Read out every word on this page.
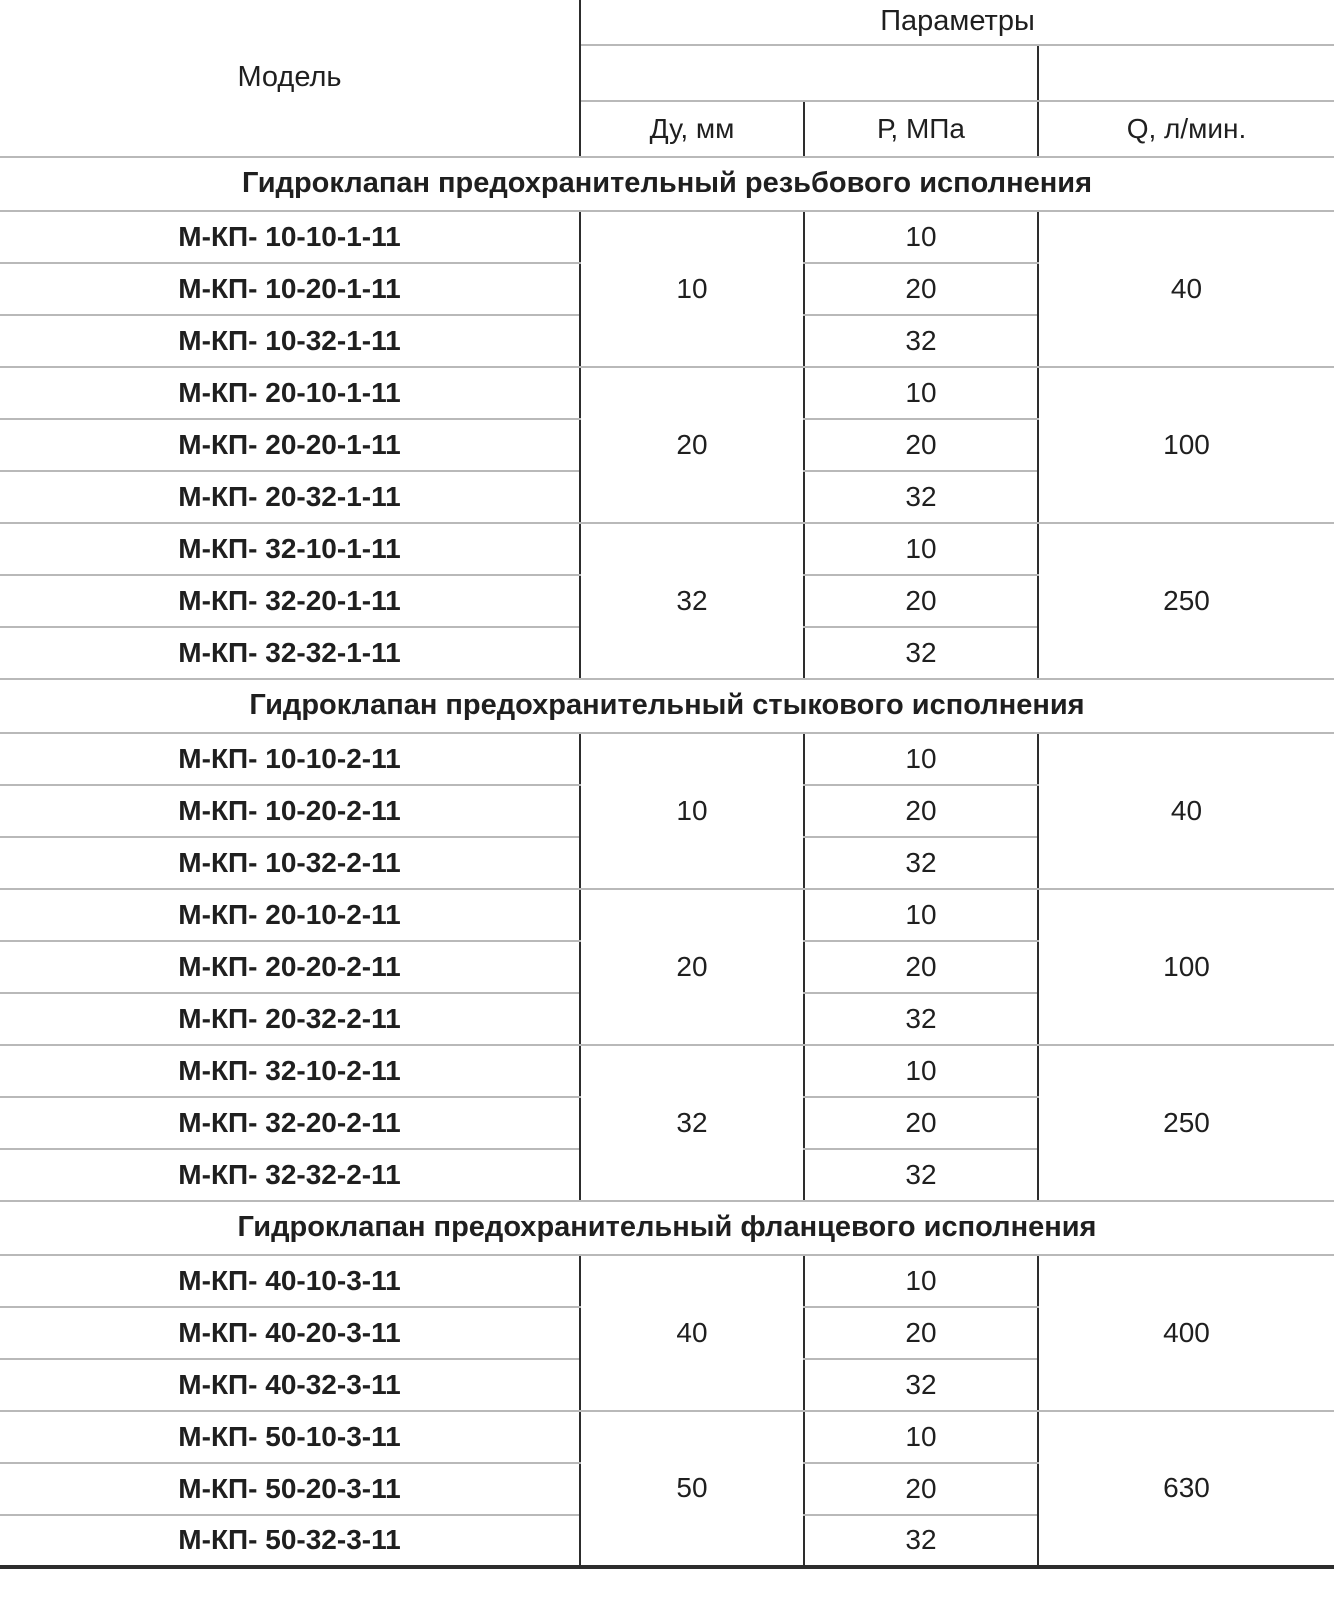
Модель	Параметры		

	Ду, мм	Р, МПа	Q, л/мин.
Гидроклапан предохранительный резьбового исполнения			
М-КП- 10-10-1-11	10	10	40
М-КП- 10-20-1-11		20	
М-КП- 10-32-1-11		32	
М-КП- 20-10-1-11	20	10	100
М-КП- 20-20-1-11		20	
М-КП- 20-32-1-11		32	
М-КП- 32-10-1-11	32	10	250
М-КП- 32-20-1-11		20	
М-КП- 32-32-1-11		32	
Гидроклапан предохранительный стыкового исполнения			
М-КП- 10-10-2-11	10	10	40
М-КП- 10-20-2-11		20	
М-КП- 10-32-2-11		32	
М-КП- 20-10-2-11	20	10	100
М-КП- 20-20-2-11		20	
М-КП- 20-32-2-11		32	
М-КП- 32-10-2-11	32	10	250
М-КП- 32-20-2-11		20	
М-КП- 32-32-2-11		32	
Гидроклапан предохранительный фланцевого исполнения			
М-КП- 40-10-3-11	40	10	400
М-КП- 40-20-3-11		20	
М-КП- 40-32-3-11		32	
М-КП- 50-10-3-11	50	10	630
М-КП- 50-20-3-11		20	
М-КП- 50-32-3-11		32	
